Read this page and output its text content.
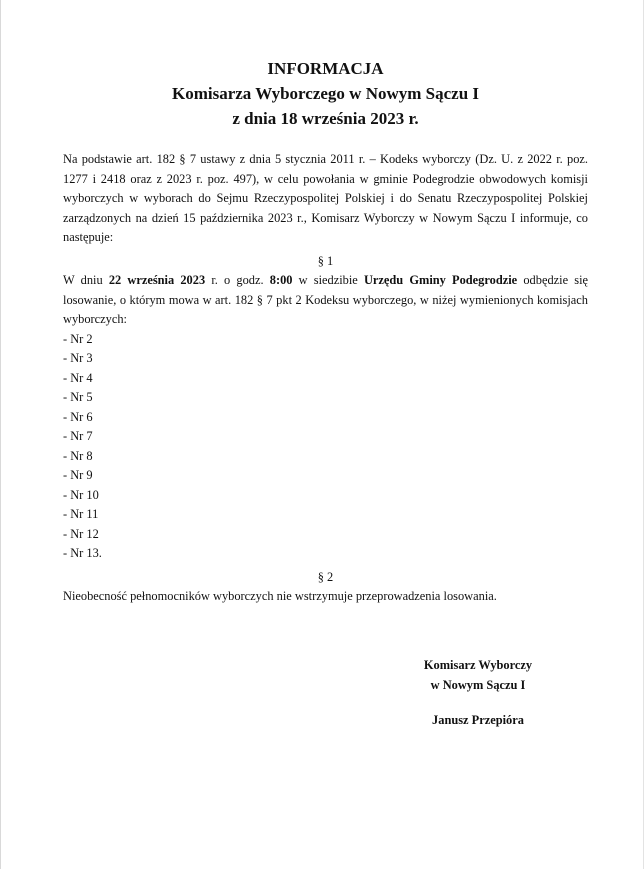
INFORMACJA
Komisarza Wyborczego w Nowym Sączu I
z dnia 18 września 2023 r.

Na podstawie art. 182 § 7 ustawy z dnia 5 stycznia 2011 r. – Kodeks wyborczy (Dz. U. z 2022 r. poz. 1277 i 2418 oraz z 2023 r. poz. 497), w celu powołania w gminie Podegrodzie obwodowych komisji wyborczych w wyborach do Sejmu Rzeczypospolitej Polskiej i do Senatu Rzeczypospolitej Polskiej zarządzonych na dzień 15 października 2023 r., Komisarz Wyborczy w Nowym Sączu I informuje, co następuje:

§ 1

W dniu 22 września 2023 r. o godz. 8:00 w siedzibie Urzędu Gminy Podegrodzie odbędzie się losowanie, o którym mowa w art. 182 § 7 pkt 2 Kodeksu wyborczego, w niżej wymienionych komisjach wyborczych:

- Nr 2
- Nr 3
- Nr 4
- Nr 5
- Nr 6
- Nr 7
- Nr 8
- Nr 9
- Nr 10
- Nr 11
- Nr 12
- Nr 13.
§ 2

Nieobecność pełnomocników wyborczych nie wstrzymuje przeprowadzenia losowania.

Komisarz Wyborczy
w Nowym Sączu I
Janusz Przepióra
